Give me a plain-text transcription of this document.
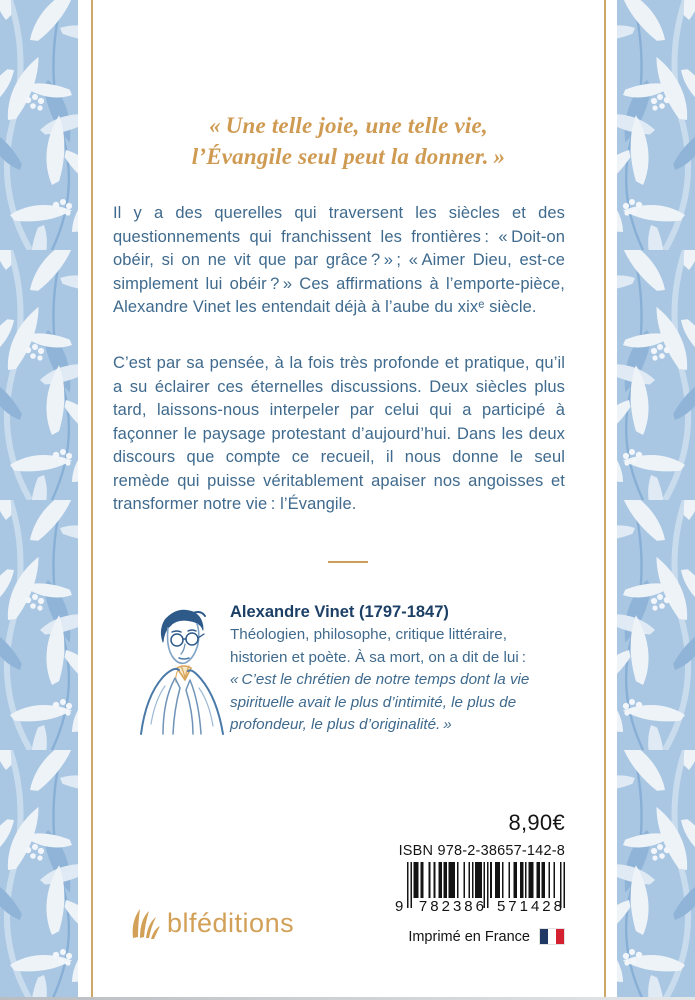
« Une telle joie, une telle vie,
l’Évangile seul peut la donner. »

Il y a des querelles qui traversent les siècles et des questionnements qui franchissent les frontières : « Doit-on obéir, si on ne vit que par grâce ? » ; « Aimer Dieu, est-ce simplement lui obéir ? » Ces affirmations à l’emporte-pièce, Alexandre Vinet les entendait déjà à l’aube du xixᵉ siècle.

C’est par sa pensée, à la fois très profonde et pratique, qu’il a su éclairer ces éternelles discussions. Deux siècles plus tard, laissons-nous interpeler par celui qui a participé à façonner le paysage protestant d’aujourd’hui. Dans les deux discours que compte ce recueil, il nous donne le seul remède qui puisse véritablement apaiser nos angoisses et transformer notre vie : l’Évangile.

Alexandre Vinet (1797-1847)
Théologien, philosophe, critique littéraire, historien et poète. À sa mort, on a dit de lui : « C’est le chrétien de notre temps dont la vie spirituelle avait le plus d’intimité, le plus de profondeur, le plus d’originalité. »
8,90€
ISBN 978-2-38657-142-8
9	782386 571428
blféditions	Imprimé en France
